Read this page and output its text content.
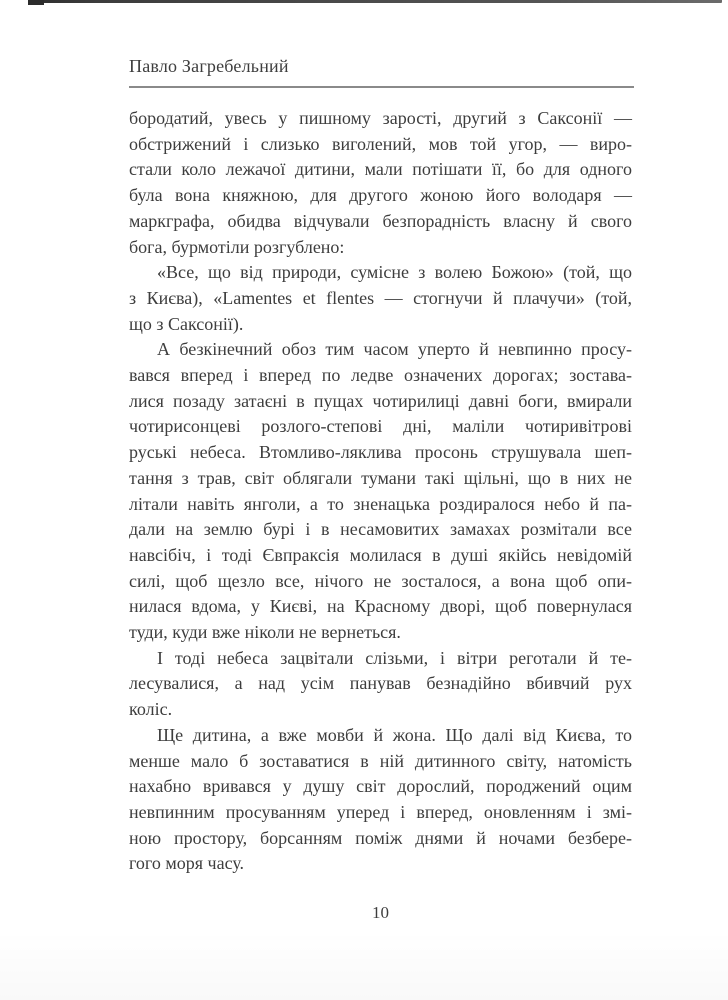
Павло Загребельний
бородатий, увесь у пишному зарості, другий з Саксонії —
обстрижений і слизько виголений, мов той угор, — виро-
стали коло лежачої дитини, мали потішати її, бо для одного
була вона княжною, для другого жоною його володаря —
маркграфа, обидва відчували безпорадність власну й свого
бога, бурмотіли розгублено:
«Все, що від природи, сумісне з волею Божою» (той, що
з Києва), «Lamentes et flentes — стогнучи й плачучи» (той,
що з Саксонії).
А безкінечний обоз тим часом уперто й невпинно просу-
вався вперед і вперед по ледве означених дорогах; зостава-
лися позаду затаєні в пущах чотирилиці давні боги, вмирали
чотирисонцеві розлого-степові дні, маліли чотиривітрові
руські небеса. Втомливо-ляклива просонь струшувала шеп-
тання з трав, світ облягали тумани такі щільні, що в них не
літали навіть янголи, а то зненацька роздиралося небо й па-
дали на землю бурі і в несамовитих замахах розмітали все
навсібіч, і тоді Євпраксія молилася в душі якійсь невідомій
силі, щоб щезло все, нічого не зосталося, а вона щоб опи-
нилася вдома, у Києві, на Красному дворі, щоб повернулася
туди, куди вже ніколи не вернеться.
І тоді небеса зацвітали слізьми, і вітри реготали й те-
лесувалися, а над усім панував безнадійно вбивчий рух
коліс.
Ще дитина, а вже мовби й жона. Що далі від Києва, то
менше мало б зоставатися в ній дитинного світу, натомість
нахабно вривався у душу світ дорослий, породжений оцим
невпинним просуванням уперед і вперед, оновленням і змі-
ною простору, борсанням поміж днями й ночами безбере-
гого моря часу.
10
